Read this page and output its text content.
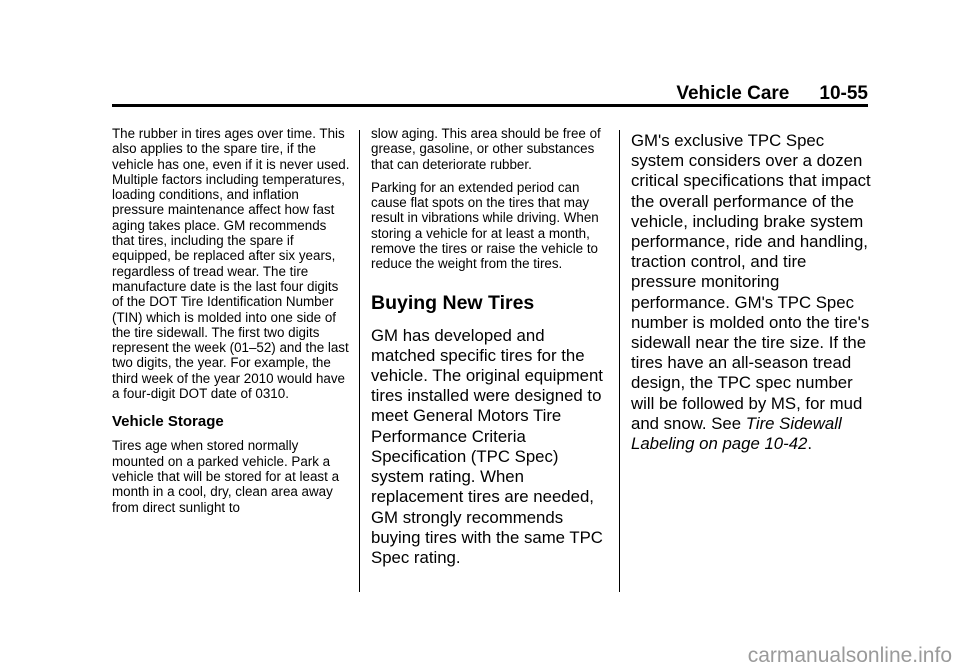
Vehicle Care 10-55

The rubber in tires ages over time. This also applies to the spare tire, if the vehicle has one, even if it is never used. Multiple factors including temperatures, loading conditions, and inflation pressure maintenance affect how fast aging takes place. GM recommends that tires, including the spare if equipped, be replaced after six years, regardless of tread wear. The tire manufacture date is the last four digits of the DOT Tire Identification Number (TIN) which is molded into one side of the tire sidewall. The first two digits represent the week (01–52) and the last two digits, the year. For example, the third week of the year 2010 would have a four-digit DOT date of 0310.

Vehicle Storage

Tires age when stored normally mounted on a parked vehicle. Park a vehicle that will be stored for at least a month in a cool, dry, clean area away from direct sunlight to

slow aging. This area should be free of grease, gasoline, or other substances that can deteriorate rubber.

Parking for an extended period can cause flat spots on the tires that may result in vibrations while driving. When storing a vehicle for at least a month, remove the tires or raise the vehicle to reduce the weight from the tires.

Buying New Tires

GM has developed and matched specific tires for the vehicle. The original equipment tires installed were designed to meet General Motors Tire Performance Criteria Specification (TPC Spec) system rating. When replacement tires are needed, GM strongly recommends buying tires with the same TPC Spec rating.

GM's exclusive TPC Spec system considers over a dozen critical specifications that impact the overall performance of the vehicle, including brake system performance, ride and handling, traction control, and tire pressure monitoring performance. GM's TPC Spec number is molded onto the tire's sidewall near the tire size. If the tires have an all-season tread design, the TPC spec number will be followed by MS, for mud and snow. See Tire Sidewall Labeling on page 10-42.

carmanualsonline.info
